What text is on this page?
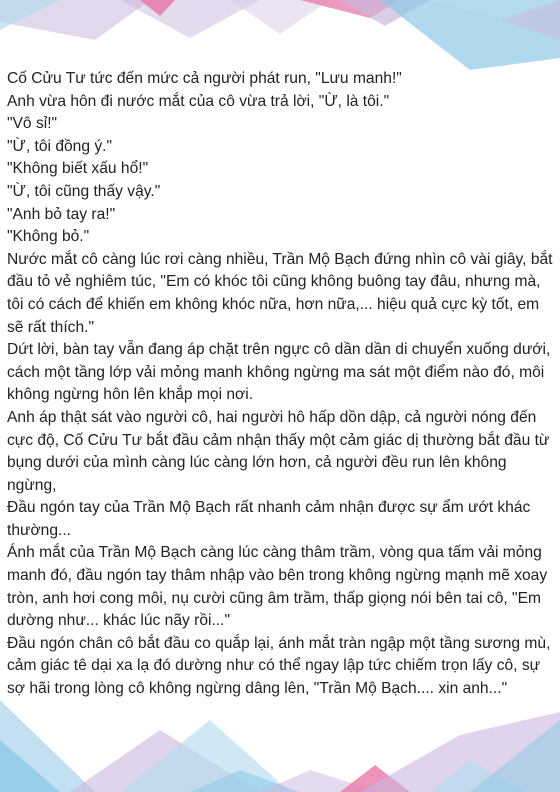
Cố Cửu Tư tức đến mức cả người phát run, "Lưu manh!"

Anh vừa hôn đi nước mắt của cô vừa trả lời, "Ừ, là tôi."

"Vô sỉ!"

"Ừ, tôi đồng ý."

"Không biết xấu hổ!"

"Ừ, tôi cũng thấy vậy."

"Anh bỏ tay ra!"

"Không bỏ."

Nước mắt cô càng lúc rơi càng nhiều, Trần Mộ Bạch đứng nhìn cô vài giây, bắt đầu tỏ vẻ nghiêm túc, "Em có khóc tôi cũng không buông tay đâu, nhưng mà, tôi có cách để khiến em không khóc nữa, hơn nữa,... hiệu quả cực kỳ tốt, em sẽ rất thích."

Dứt lời, bàn tay vẫn đang áp chặt trên ngực cô dần dần di chuyển xuống dưới, cách một tầng lớp vải mỏng manh không ngừng ma sát một điểm nào đó, môi không ngừng hôn lên khắp mọi nơi.

Anh áp thật sát vào người cô, hai người hô hấp dồn dập, cả người nóng đến cực độ, Cố Cửu Tư bắt đầu cảm nhận thấy một cảm giác dị thường bắt đầu từ bụng dưới của mình càng lúc càng lớn hơn, cả người đều run lên không ngừng,

Đầu ngón tay của Trần Mộ Bạch rất nhanh cảm nhận được sự ẩm ướt khác thường...

Ánh mắt của Trần Mộ Bạch càng lúc càng thâm trầm, vòng qua tấm vải mỏng manh đó, đầu ngón tay thâm nhập vào bên trong không ngừng mạnh mẽ xoay tròn, anh hơi cong môi, nụ cười cũng âm trầm, thấp giọng nói bên tai cô, "Em dường như... khác lúc nãy rồi..."

Đầu ngón chân cô bắt đầu co quắp lại, ánh mắt tràn ngập một tầng sương mù, cảm giác tê dại xa lạ đó dường như có thể ngay lập tức chiếm trọn lấy cô, sự sợ hãi trong lòng cô không ngừng dâng lên, "Trần Mộ Bạch.... xin anh..."
